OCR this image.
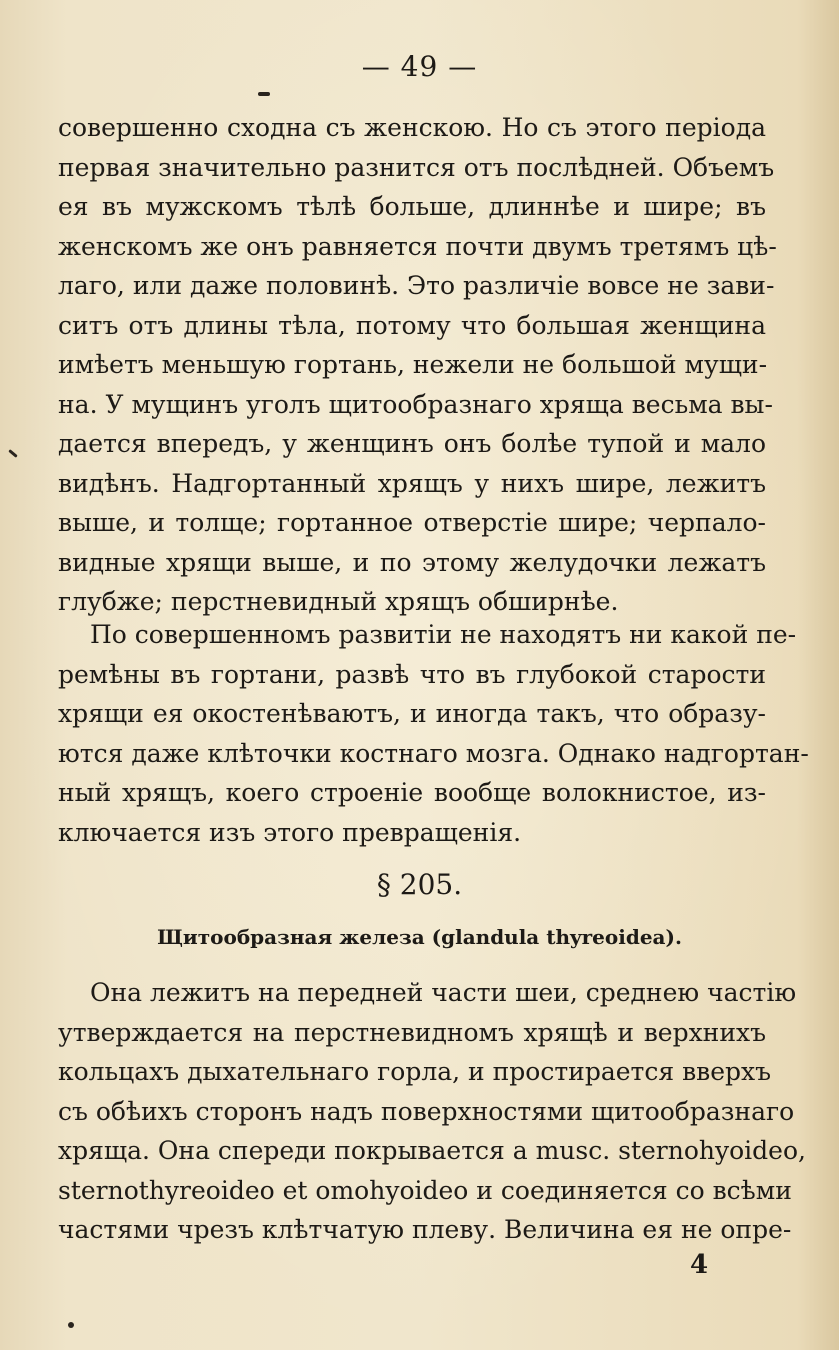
— 49 —
совершенно сходна съ женскою. Но съ этого періода
первая значительно разнится отъ послѣдней. Объемъ
ея въ мужскомъ тѣлѣ больше, длиннѣе и шире; въ
женскомъ же онъ равняется почти двумъ третямъ цѣ-
лаго, или даже половинѣ. Это различіе вовсе не зави-
ситъ отъ длины тѣла, потому что большая женщина
имѣетъ меньшую гортань, нежели не большой мущи-
на. У мущинъ уголъ щитообразнаго хряща весьма вы-
дается впередъ, у женщинъ онъ болѣе тупой и мало
видѣнъ. Надгортанный хрящъ у нихъ шире, лежитъ
выше, и толще; гортанное отверстіе шире; черпало-
видные хрящи выше, и по этому желудочки лежатъ
глубже; перстневидный хрящъ обширнѣе.
По совершенномъ развитіи не находятъ ни какой пе-
ремѣны въ гортани, развѣ что въ глубокой старости
хрящи ея окостенѣваютъ, и иногда такъ, что образу-
ются даже клѣточки костнаго мозга. Однако надгортан-
ный хрящъ, коего строеніе вообще волокнистое, из-
ключается изъ этого превращенія.
§ 205.
Щитообразная железа (glandula thyreoidea).
Она лежитъ на передней части шеи, среднею частію
утверждается на перстневидномъ хрящѣ и верхнихъ
кольцахъ дыхательнаго горла, и простирается вверхъ
съ обѣихъ сторонъ надъ поверхностями щитообразнаго
хряща. Она спереди покрывается a musc. sternohyoideo,
sternothyreoideo et omohyoideo и соединяется со всѣми
частями чрезъ клѣтчатую плеву. Величина ея не опре-
4
